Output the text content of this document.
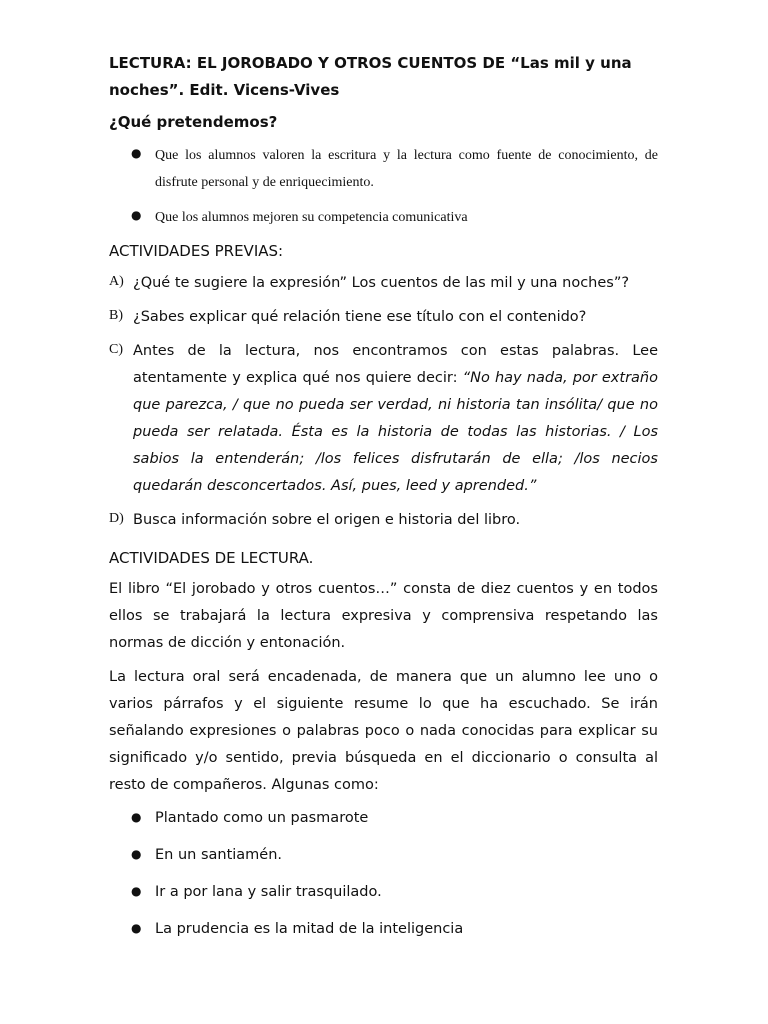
LECTURA: EL JOROBADO Y OTROS CUENTOS DE “Las mil y una
noches”. Edit. Vicens-Vives
¿Qué pretendemos?
● Que los alumnos valoren la escritura y la lectura como fuente de conocimiento, de disfrute personal y de enriquecimiento.
● Que los alumnos mejoren su competencia comunicativa
ACTIVIDADES PREVIAS:
A) ¿Qué te sugiere la expresión” Los cuentos de las mil y una noches”?
B) ¿Sabes explicar qué relación tiene ese título con el contenido?
C) Antes de la lectura, nos encontramos con estas palabras. Lee atentamente y explica qué nos quiere decir: “No hay nada, por extraño que parezca, / que no pueda ser verdad, ni historia tan insólita/ que no pueda ser relatada. Ésta es la historia de todas las historias. / Los sabios la entenderán; /los felices disfrutarán de ella; /los necios quedarán desconcertados. Así, pues, leed y aprended.”
D) Busca información sobre el origen e historia del libro.
ACTIVIDADES DE LECTURA.

El libro “El jorobado y otros cuentos…” consta de diez cuentos y en todos ellos se trabajará la lectura expresiva y comprensiva respetando las normas de dicción y entonación.

La lectura oral será encadenada, de manera que un alumno lee uno o varios párrafos y el siguiente resume lo que ha escuchado. Se irán señalando expresiones o palabras poco o nada conocidas para explicar su significado y/o sentido, previa búsqueda en el diccionario o consulta al resto de compañeros. Algunas como:

● Plantado como un pasmarote
● En un santiamén.
● Ir a por lana y salir trasquilado.
● La prudencia es la mitad de la inteligencia
